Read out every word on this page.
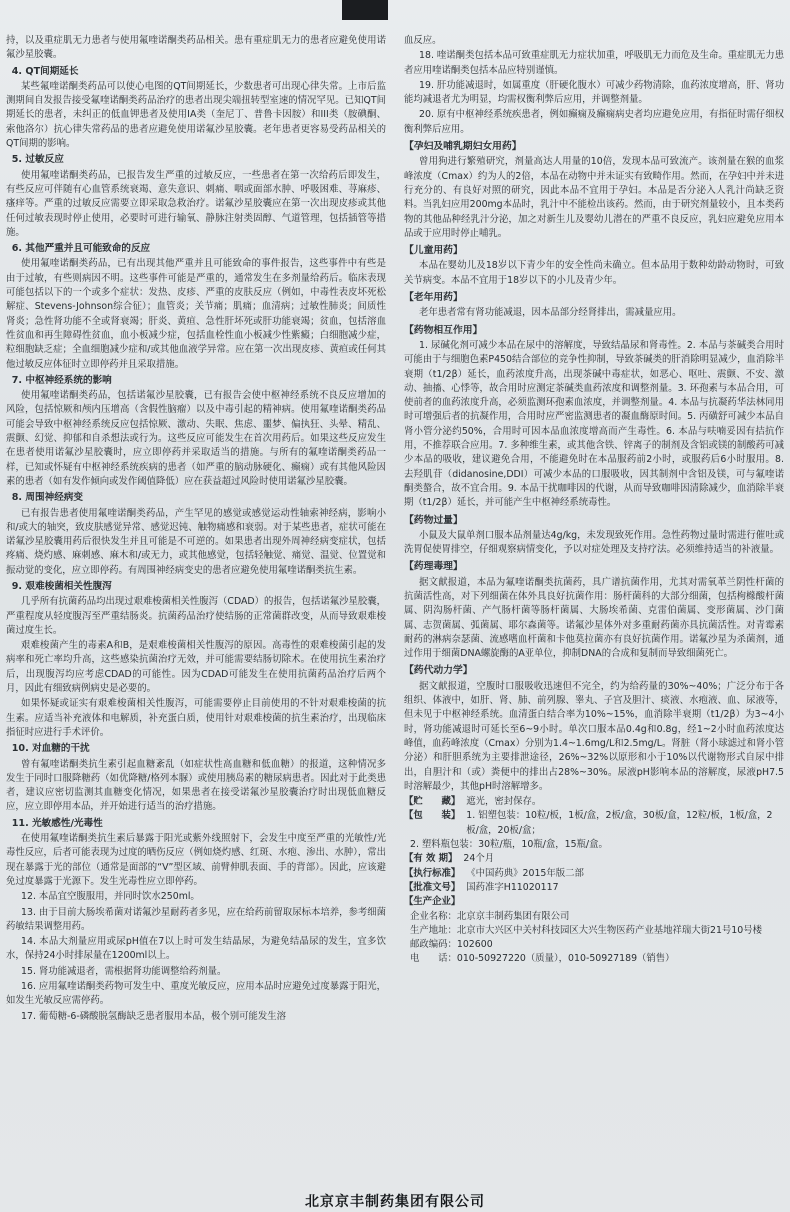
持，以及重症肌无力患者与使用氟喹诺酮类药品相关。患有重症肌无力的患者应避免使用诺氟沙星胶囊。

4. QT间期延长

某些氟喹诺酮类药品可以使心电图的QT间期延长，少数患者可出现心律失常。上市后监测期间自发报告接受氟喹诺酮类药品治疗的患者出现尖端扭转型室速的情况罕见。已知QT间期延长的患者，未纠正的低血钾患者及使用IA类（奎尼丁、普鲁卡因胺）和III类（胺碘酮、索他洛尔）抗心律失常药品的患者应避免使用诺氟沙星胶囊。老年患者更容易受药品相关的QT间期的影响。

5. 过敏反应

使用氟喹诺酮类药品，已报告发生严重的过敏反应，一些患者在第一次给药后即发生，有些反应可伴随有心血管系统衰竭、意失意识、刺痛、咽或面部水肿、呼吸困难、荨麻疹、瘙痒等。严重的过敏反应需要立即采取急救治疗。诺氟沙星胶囊应在第一次出现皮疹或其他任何过敏表现时停止使用，必要时可进行输氧、静脉注射类固醇、气道管理，包括插管等措施。

6. 其他严重并且可能致命的反应

使用氟喹诺酮类药品，已有出现其他严重并且可能致命的事件报告，这些事件中有些是由于过敏，有些则病因不明。这些事件可能是严重的，通常发生在多剂量给药后。临床表现可能包括以下的一个或多个症状：发热、皮疹、严重的皮肤反应（例如，中毒性表皮坏死松解症、Stevens-Johnson综合征）；血管炎；关节痛；肌痛；血清病；过敏性肺炎；间质性肾炎；急性肾功能不全或肾衰竭；肝炎、黄疸、急性肝坏死或肝功能衰竭；贫血，包括溶血性贫血和再生障碍性贫血，血小板减少症，包括血栓性血小板减少性紫癜；白细胞减少症，粒细胞缺乏症；全血细胞减少症和/或其他血液学异常。应在第一次出现皮疹、黄疸或任何其他过敏反应体征时立即停药并且采取措施。

7. 中枢神经系统的影响

使用氟喹诺酮类药品，包括诺氟沙星胶囊，已有报告会使中枢神经系统不良反应增加的风险，包括惊厥和颅内压增高（含假性脑瘤）以及中毒引起的精神病。使用氟喹诺酮类药品可能会导致中枢神经系统反应包括惊厥、激动、失眠、焦虑、噩梦、偏执狂、头晕、精乱、震颤、幻觉、抑郁和自杀想法或行为。这些反应可能发生在首次用药后。如果这些反应发生在患者使用诺氟沙星胶囊时，应立即停药并采取适当的措施。与所有的氟喹诺酮类药品一样，已知或怀疑有中枢神经系统疾病的患者（如严重的脑动脉硬化、癫痫）或有其他风险因素的患者（如有发作倾向或发作阈值降低）应在获益超过风险时使用诺氟沙星胶囊。

8. 周围神经病变

已有报告患者使用氟喹诺酮类药品，产生罕见的感觉或感觉运动性轴索神经病，影响小和/或大的轴突，致皮肤感觉异常、感觉迟钝、触物痛感和衰弱。对于某些患者，症状可能在诺氟沙星胶囊用药后很快发生并且可能是不可逆的。如果患者出现外周神经病变症状，包括疼痛、烧灼感、麻刺感、麻木和/或无力，或其他感觉，包括轻触觉、痛觉、温觉、位置觉和振动觉的变化，应立即停药。有周围神经病变史的患者应避免使用氟喹诺酮类抗生素。

9. 艰难梭菌相关性腹泻

几乎所有抗菌药品均出现过艰难梭菌相关性腹泻（CDAD）的报告，包括诺氟沙星胶囊，严重程度从轻度腹泻至严重结肠炎。抗菌药品治疗使结肠的正常菌群改变，从而导致艰难梭菌过度生长。

艰难梭菌产生的毒素A和B，是艰难梭菌相关性腹泻的原因。高毒性的艰难梭菌引起的发病率和死亡率均升高，这些感染抗菌治疗无效，并可能需要结肠切除术。在使用抗生素治疗后，出现腹泻均应考虑CDAD的可能性。因为CDAD可能发生在使用抗菌药品治疗后两个月，因此有细致病例病史是必要的。

如果怀疑或证实有艰难梭菌相关性腹泻，可能需要停止目前使用的不针对艰难梭菌的抗生素。应适当补充液体和电解质，补充蛋白质，使用针对艰难梭菌的抗生素治疗，出现临床指征时应进行手术评价。

10. 对血糖的干扰

曾有氟喹诺酮类抗生素引起血糖紊乱（如症状性高血糖和低血糖）的报道，这种情况多发生于同时口服降糖药（如优降糖/格列本脲）或使用胰岛素的糖尿病患者。因此对于此类患者，建议应密切监测其血糖变化情况，如果患者在接受诺氟沙星胶囊治疗时出现低血糖反应，应立即停用本品，并开始进行适当的治疗措施。

11. 光敏感性/光毒性

在使用氟喹诺酮类抗生素后暴露于阳光或紫外线照射下，会发生中度至严重的光敏性/光毒性反应，后者可能表现为过度的晒伤反应（例如烧灼感、红斑、水疱、渗出、水肿），常出现在暴露于光的部位（通常是面部的“V”型区域、前臂伸肌表面、手的背部）。因此，应该避免过度暴露于光源下。发生光毒性应立即停药。

12. 本品宜空腹服用，并同时饮水250ml。

13. 由于目前大肠埃希菌对诺氟沙星耐药者多见，应在给药前留取尿标本培养，参考细菌药敏结果调整用药。

14. 本品大剂量应用或尿pH值在7以上时可发生结晶尿，为避免结晶尿的发生，宜多饮水，保持24小时排尿量在1200ml以上。

15. 肾功能减退者，需根据肾功能调整给药剂量。

16. 应用氟喹诺酮类药物可发生中、重度光敏反应，应用本品时应避免过度暴露于阳光，如发生光敏反应需停药。

17. 葡萄糖-6-磷酸脱氢酶缺乏患者服用本品，极个别可能发生溶

血反应。

18. 喹诺酮类包括本品可致重症肌无力症状加重，呼吸肌无力而危及生命。重症肌无力患者应用喹诺酮类包括本品应特别谨慎。

19. 肝功能减退时，如属重度（肝硬化腹水）可减少药物清除，血药浓度增高，肝、肾功能均减退者尤为明显，均需权衡利弊后应用，并调整剂量。

20. 原有中枢神经系统疾患者，例如癫痫及癫痫病史者均应避免应用，有指征时需仔细权衡利弊后应用。

【孕妇及哺乳期妇女用药】

曾用狗进行繁殖研究，剂量高达人用量的10倍，发现本品可致流产。该剂量在猴的血浆峰浓度（Cmax）约为人的2倍，本品在动物中并未证实有致畸作用。然而，在孕妇中并未进行充分的、有良好对照的研究，因此本品不宜用于孕妇。本品是否分泌入人乳汁尚缺乏资料。当乳妇应用200mg本品时，乳汁中不能检出该药。然而，由于研究剂量较小，且本类药物的其他品种经乳汁分泌，加之对新生儿及婴幼儿潜在的严重不良反应，乳妇应避免应用本品或于应用时停止哺乳。

【儿童用药】

本品在婴幼儿及18岁以下青少年的安全性尚未确立。但本品用于数种幼龄动物时，可致关节病变。本品不宜用于18岁以下的小儿及青少年。

【老年用药】

老年患者常有肾功能减退，因本品部分经肾排出，需减量应用。

【药物相互作用】

1. 尿碱化剂可减少本品在尿中的溶解度，导致结晶尿和肾毒性。2. 本品与茶碱类合用时可能由于与细胞色素P450结合部位的竞争性抑制，导致茶碱类的肝消除明显减少，血消除半衰期（t1/2β）延长，血药浓度升高，出现茶碱中毒症状，如恶心、呕吐、震颤、不安、激动、抽搐、心悸等，故合用时应测定茶碱类血药浓度和调整剂量。3. 环孢素与本品合用，可使前者的血药浓度升高，必须监测环孢素血浓度，并调整剂量。4. 本品与抗凝药华法林同用时可增强后者的抗凝作用，合用时应严密监测患者的凝血酶原时间。5. 丙磺舒可减少本品自肾小管分泌约50%，合用时可因本品血浓度增高而产生毒性。6. 本品与呋喃妥因有拮抗作用，不推荐联合应用。7. 多种维生素，或其他含铁、锌离子的制剂及含铝或镁的制酸药可减少本品的吸收，建议避免合用，不能避免时在本品服药前2小时，或服药后6小时服用。8. 去羟肌苷（didanosine,DDI）可减少本品的口服吸收，因其制剂中含铝及镁，可与氟喹诺酮类螯合，故不宜合用。9. 本品干扰咖啡因的代谢，从而导致咖啡因清除减少，血消除半衰期（t1/2β）延长，并可能产生中枢神经系统毒性。

【药物过量】

小鼠及大鼠单剂口服本品剂量达4g/kg，未发现致死作用。急性药物过量时需进行催吐或洗胃促使胃排空，仔细观察病情变化，予以对症处理及支持疗法。必须维持适当的补液量。

【药理毒理】

据文献报道，本品为氟喹诺酮类抗菌药，具广谱抗菌作用，尤其对需氧革兰阴性杆菌的抗菌活性高，对下列细菌在体外具良好抗菌作用：肠杆菌科的大部分细菌，包括枸橼酸杆菌属、阴沟肠杆菌、产气肠杆菌等肠杆菌属、大肠埃希菌、克雷伯菌属、变形菌属、沙门菌属、志贺菌属、弧菌属、耶尔森菌等。诺氟沙星体外对多重耐药菌亦具抗菌活性。对青霉素耐药的淋病奈瑟菌、流感嗜血杆菌和卡他莫拉菌亦有良好抗菌作用。诺氟沙星为杀菌剂，通过作用于细菌DNA螺旋酶的A亚单位，抑制DNA的合成和复制而导致细菌死亡。

【药代动力学】

据文献报道，空腹时口服吸收迅速但不完全，约为给药量的30%~40%；广泛分布于各组织、体液中，如肝、肾、肺、前列腺、睾丸、子宫及胆汁、痰液、水疱液、血、尿液等，但未见于中枢神经系统。血清蛋白结合率为10%~15%，血消除半衰期（t1/2β）为3~4小时，肾功能减退时可延长至6~9小时。单次口服本品0.4g和0.8g，经1~2小时血药浓度达峰值，血药峰浓度（Cmax）分别为1.4~1.6mg/L和2.5mg/L。肾脏（肾小球滤过和肾小管分泌）和肝胆系统为主要排泄途径，26%~32%以原形和小于10%以代谢物形式自尿中排出，自胆汁和（或）粪便中的排出占28%~30%。尿液pH影响本品的溶解度，尿液pH7.5时溶解最少，其他pH时溶解增多。

【贮　　藏】 遮光，密封保存。
【包　　装】 1. 铝塑包装：10粒/板，1板/盒，2板/盒，30板/盒，12粒/板，1板/盒，2板/盒，20板/盒；
2. 塑料瓶包装：30粒/瓶，10瓶/盒，15瓶/盒。
【有 效 期】 24个月
【执行标准】 《中国药典》2015年版二部
【批准文号】 国药准字H11020117
【生产企业】
企业名称：北京京丰制药集团有限公司
生产地址：北京市大兴区中关村科技园区大兴生物医药产业基地祥瑞大街21号10号楼
邮政编码：102600
电　　话：010-50927220（质量），010-50927189（销售）
北京京丰制药集团有限公司
